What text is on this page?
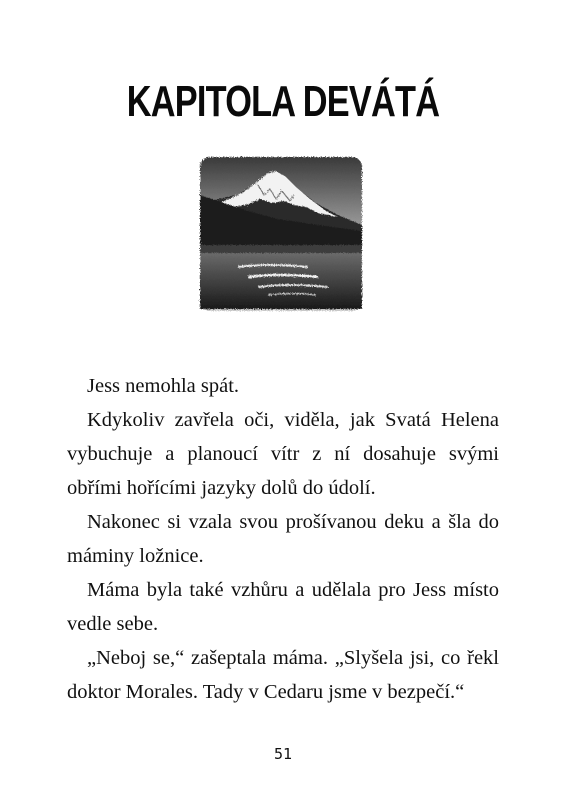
KAPITOLA DEVÁTÁ

Jess nemohla spát.

Kdykoliv zavřela oči, viděla, jak Svatá Helena vybuchuje a planoucí vítr z ní dosahuje svými obřími hořícími jazyky dolů do údolí.

Nakonec si vzala svou prošívanou deku a šla do máminy ložnice.

Máma byla také vzhůru a udělala pro Jess místo vedle sebe.

„Neboj se,“ zašeptala máma. „Slyšela jsi, co řekl doktor Morales. Tady v Cedaru jsme v bezpečí.“

51
